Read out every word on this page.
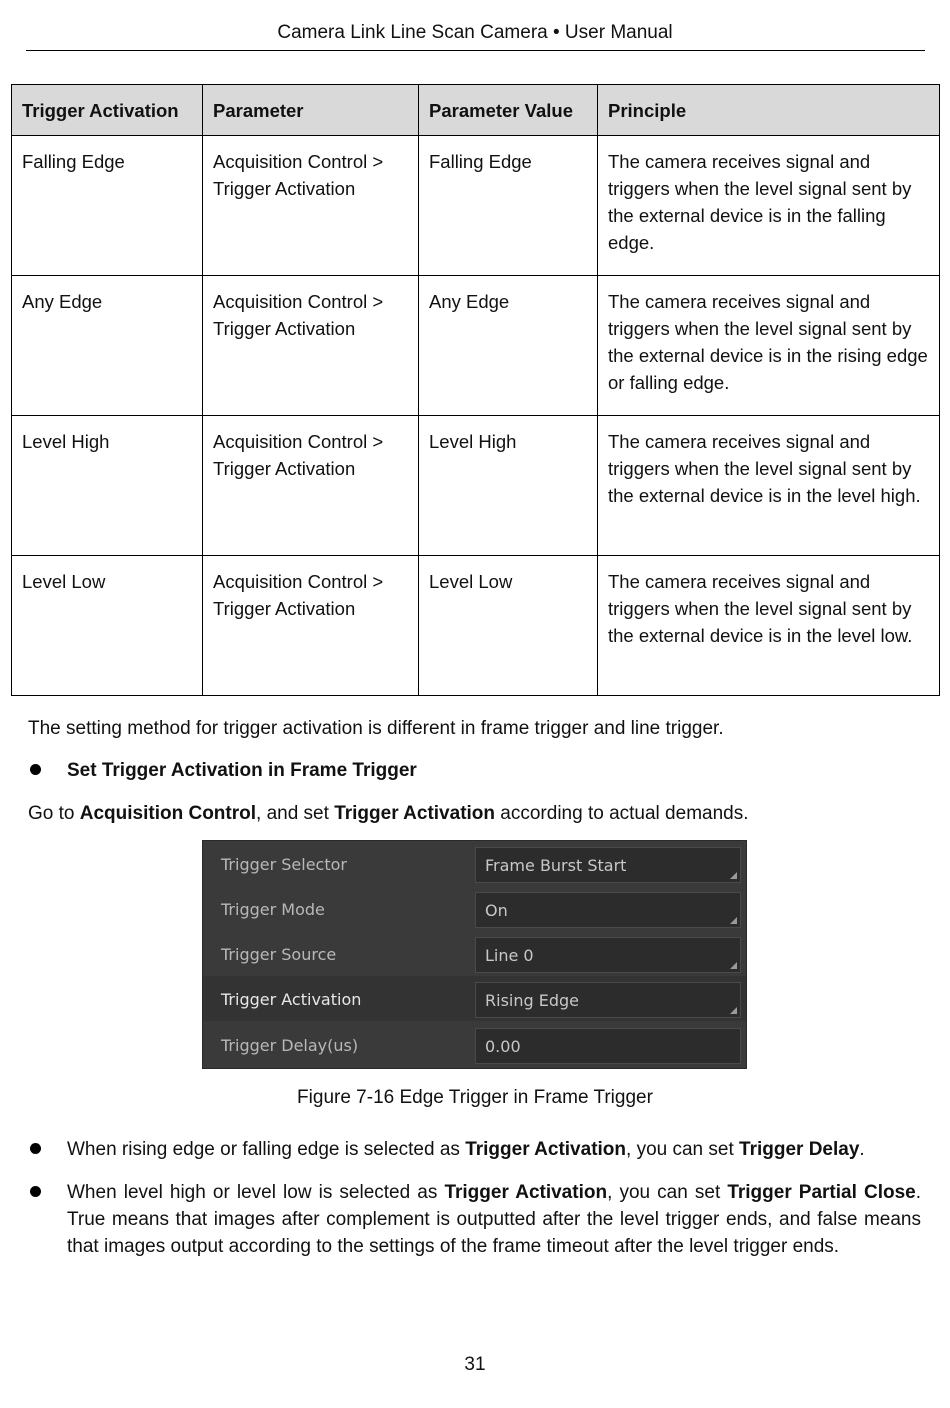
Camera Link Line Scan Camera • User Manual
Trigger Activation	Parameter	Parameter Value	Principle
Falling Edge	Acquisition Control > Trigger Activation	Falling Edge	The camera receives signal and triggers when the level signal sent by the external device is in the falling edge.
Any Edge	Acquisition Control > Trigger Activation	Any Edge	The camera receives signal and triggers when the level signal sent by the external device is in the rising edge or falling edge.
Level High	Acquisition Control > Trigger Activation	Level High	The camera receives signal and triggers when the level signal sent by the external device is in the level high.
Level Low	Acquisition Control > Trigger Activation	Level Low	The camera receives signal and triggers when the level signal sent by the external device is in the level low.
The setting method for trigger activation is different in frame trigger and line trigger.
Set Trigger Activation in Frame Trigger
Go to Acquisition Control, and set Trigger Activation according to actual demands.
Trigger Selector	Frame Burst Start
Trigger Mode	On
Trigger Source	Line 0
Trigger Activation	Rising Edge
Trigger Delay(us)	0.00
Figure 7-16 Edge Trigger in Frame Trigger
When rising edge or falling edge is selected as Trigger Activation, you can set Trigger Delay.
When level high or level low is selected as Trigger Activation, you can set Trigger Partial Close. True means that images after complement is outputted after the level trigger ends, and false means that images output according to the settings of the frame timeout after the level trigger ends.
31
